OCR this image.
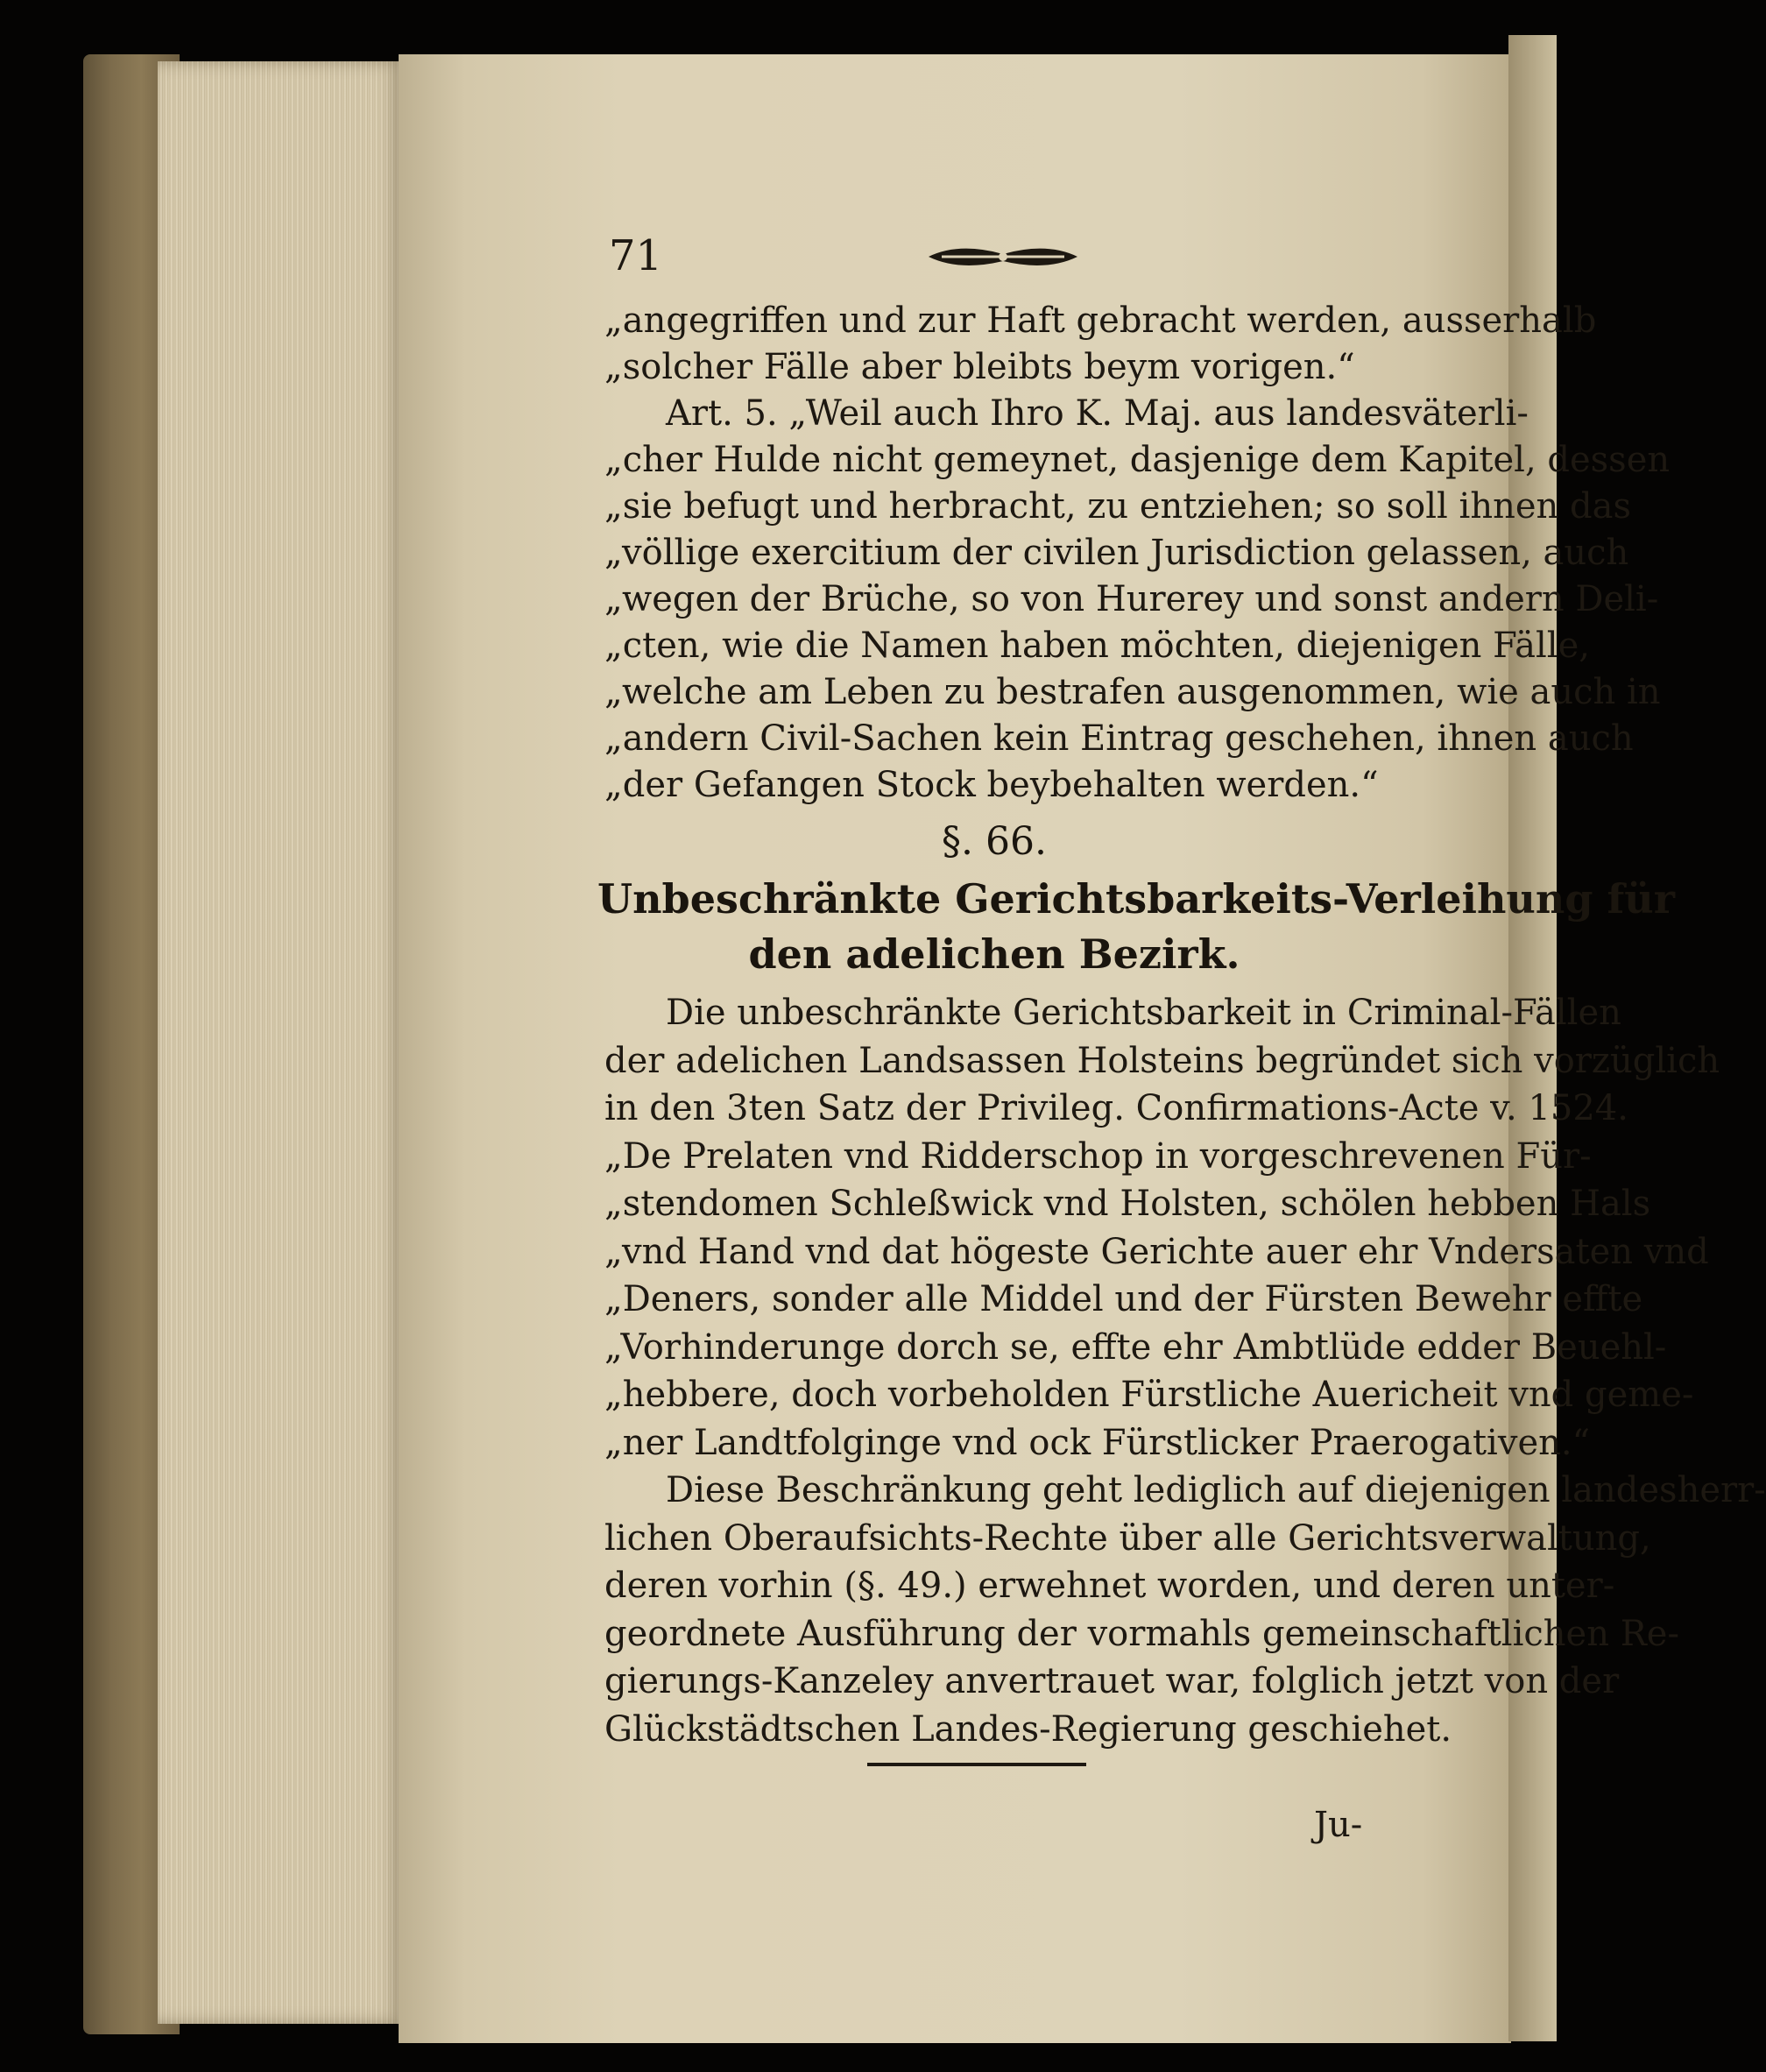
71
„angegriffen und zur Haft gebracht werden, ausserhalb
„solcher Fälle aber bleibts beym vorigen.“
Art. 5. „Weil auch Ihro K. Maj. aus landesväterli-
„cher Hulde nicht gemeynet, dasjenige dem Kapitel, dessen
„sie befugt und herbracht, zu entziehen; so soll ihnen das
„völlige exercitium der civilen Jurisdiction gelassen, auch
„wegen der Brüche, so von Hurerey und sonst andern Deli-
„cten, wie die Namen haben möchten, diejenigen Fälle,
„welche am Leben zu bestrafen ausgenommen, wie auch in
„andern Civil-Sachen kein Eintrag geschehen, ihnen auch
„der Gefangen Stock beybehalten werden.“
§. 66.
Unbeschränkte Gerichtsbarkeits-Verleihung für
den adelichen Bezirk.
Die unbeschränkte Gerichtsbarkeit in Criminal-Fällen
der adelichen Landsassen Holsteins begründet sich vorzüglich
in den 3ten Satz der Privileg. Confirmations-Acte v. 1524.
„De Prelaten vnd Ridderschop in vorgeschrevenen Für-
„stendomen Schleßwick vnd Holsten, schölen hebben Hals
„vnd Hand vnd dat högeste Gerichte auer ehr Vndersaten vnd
„Deners, sonder alle Middel und der Fürsten Bewehr effte
„Vorhinderunge dorch se, effte ehr Ambtlüde edder Beuehl-
„hebbere, doch vorbeholden Fürstliche Auericheit vnd geme-
„ner Landtfolginge vnd ock Fürstlicker Praerogativen.“
Diese Beschränkung geht lediglich auf diejenigen landesherr-
lichen Oberaufsichts-Rechte über alle Gerichtsverwaltung,
deren vorhin (§. 49.) erwehnet worden, und deren unter-
geordnete Ausführung der vormahls gemeinschaftlichen Re-
gierungs-Kanzeley anvertrauet war, folglich jetzt von der
Glückstädtschen Landes-Regierung geschiehet.
Ju-
